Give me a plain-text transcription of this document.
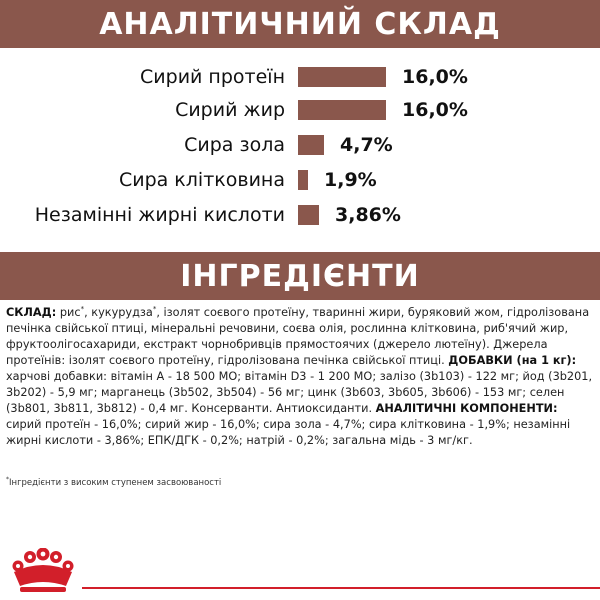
АНАЛІТИЧНИЙ СКЛАД
Сирий протеїн	16,0%
Сирий жир	16,0%
Сира зола	4,7%
Сира клітковина 1,9%
Незамінні жирні кислоти	3,86%
ІНГРЕДІЄНТИ
СКЛАД: рис*, кукурудза*, ізолят соєвого протеїну, тваринні жири, буряковий жом, гідролізована печінка свійської птиці, мінеральні речовини, соєва олія, рослинна клітковина, риб'ячий жир, фруктоолігосахариди, екстракт чорнобривців прямостоячих (джерело лютеїну). Джерела протеїнів: ізолят соєвого протеїну, гідролізована печінка свійської птиці. ДОБАВКИ (на 1 кг): харчові добавки: вітамін А - 18 500 МО; вітамін D3 - 1 200 МО; залізо (3b103) - 122 мг; йод (3b201, 3b202) - 5,9 мг; марганець (3b502, 3b504) - 56 мг; цинк (3b603, 3b605, 3b606) - 153 мг; селен (3b801, 3b811, 3b812) - 0,4 мг. Консерванти. Антиоксиданти. АНАЛІТИЧНІ КОМПОНЕНТИ: сирий протеїн - 16,0%; сирий жир - 16,0%; сира зола - 4,7%; сира клітковина - 1,9%; незамінні жирні кислоти - 3,86%; ЕПК/ДГК - 0,2%; натрій - 0,2%; загальна мідь - 3 мг/кг.
*Інгредієнти з високим ступенем засвоюваності
